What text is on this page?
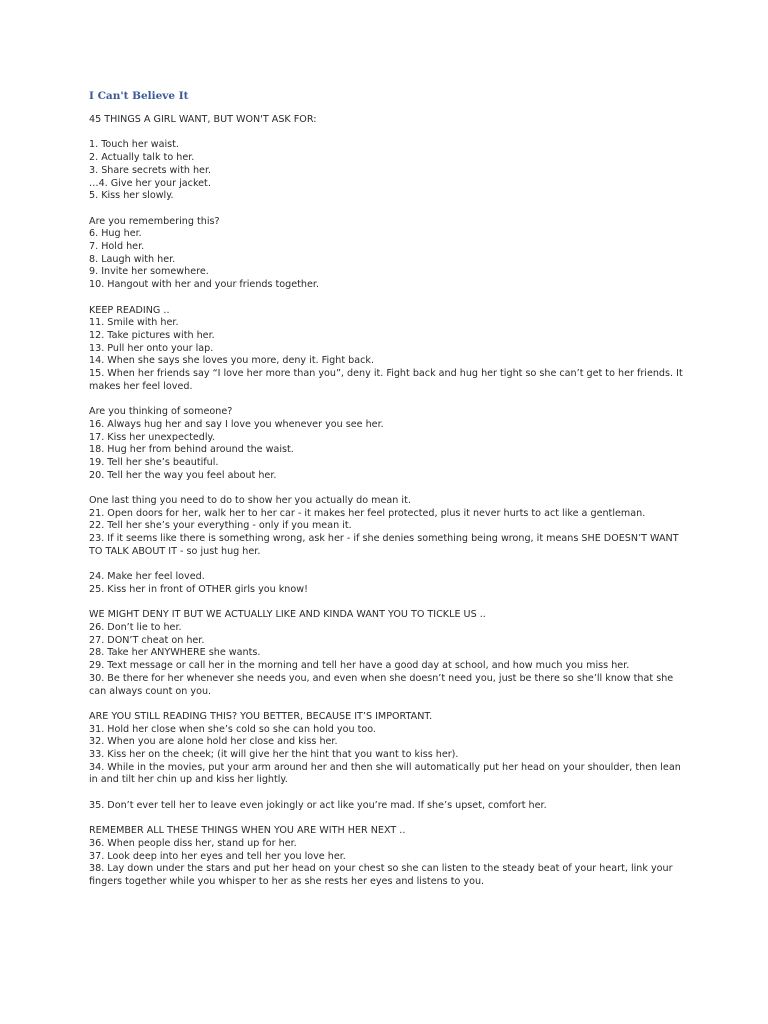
I Can't Believe It
45 THINGS A GIRL WANT, BUT WON'T ASK FOR:
1. Touch her waist.
2. Actually talk to her.
3. Share secrets with her.
…4. Give her your jacket.
5. Kiss her slowly.
Are you remembering this?
6. Hug her.
7. Hold her.
8. Laugh with her.
9. Invite her somewhere.
10. Hangout with her and your friends together.
KEEP READING ..
11. Smile with her.
12. Take pictures with her.
13. Pull her onto your lap.
14. When she says she loves you more, deny it. Fight back.
15. When her friends say “I love her more than you”, deny it. Fight back and hug her tight so she can’t get to her friends. It makes her feel loved.
Are you thinking of someone?
16. Always hug her and say I love you whenever you see her.
17. Kiss her unexpectedly.
18. Hug her from behind around the waist.
19. Tell her she’s beautiful.
20. Tell her the way you feel about her.
One last thing you need to do to show her you actually do mean it.
21. Open doors for her, walk her to her car - it makes her feel protected, plus it never hurts to act like a gentleman.
22. Tell her she’s your everything - only if you mean it.
23. If it seems like there is something wrong, ask her - if she denies something being wrong, it means SHE DOESN’T WANT TO TALK ABOUT IT - so just hug her.
24. Make her feel loved.
25. Kiss her in front of OTHER girls you know!
WE MIGHT DENY IT BUT WE ACTUALLY LIKE AND KINDA WANT YOU TO TICKLE US ..
26. Don’t lie to her.
27. DON’T cheat on her.
28. Take her ANYWHERE she wants.
29. Text message or call her in the morning and tell her have a good day at school, and how much you miss her.
30. Be there for her whenever she needs you, and even when she doesn’t need you, just be there so she’ll know that she can always count on you.
ARE YOU STILL READING THIS? YOU BETTER, BECAUSE IT’S IMPORTANT.
31. Hold her close when she’s cold so she can hold you too.
32. When you are alone hold her close and kiss her.
33. Kiss her on the cheek; (it will give her the hint that you want to kiss her).
34. While in the movies, put your arm around her and then she will automatically put her head on your shoulder, then lean in and tilt her chin up and kiss her lightly.
35. Don’t ever tell her to leave even jokingly or act like you’re mad. If she’s upset, comfort her.
REMEMBER ALL THESE THINGS WHEN YOU ARE WITH HER NEXT ..
36. When people diss her, stand up for her.
37. Look deep into her eyes and tell her you love her.
38. Lay down under the stars and put her head on your chest so she can listen to the steady beat of your heart, link your fingers together while you whisper to her as she rests her eyes and listens to you.
